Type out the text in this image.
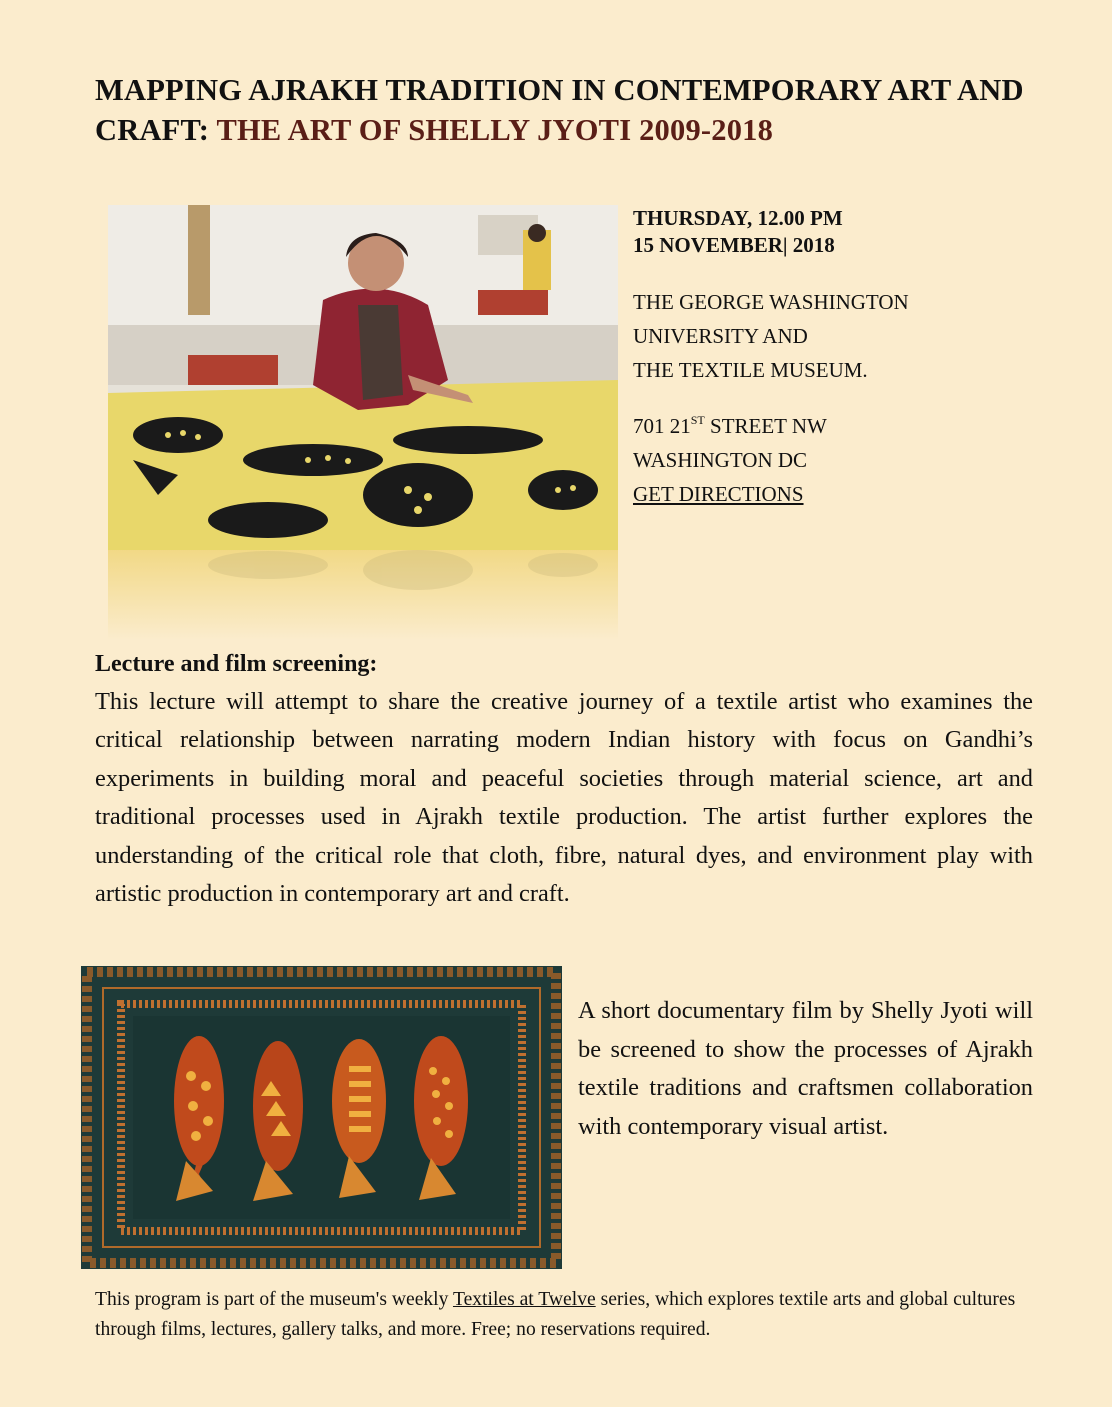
MAPPING AJRAKH TRADITION IN CONTEMPORARY ART AND CRAFT: THE ART OF SHELLY JYOTI 2009-2018
THURSDAY, 12.00 PM
15 NOVEMBER| 2018
THE GEORGE WASHINGTON
UNIVERSITY AND
THE TEXTILE MUSEUM.
701 21ST STREET NW
WASHINGTON DC
GET DIRECTIONS
Lecture and film screening:
This lecture will attempt to share the creative journey of a textile artist who examines the critical relationship between narrating modern Indian history with focus on Gandhi’s experiments in building moral and peaceful societies through material science, art and traditional processes used in Ajrakh textile production. The artist further explores the understanding of the critical role that cloth, fibre, natural dyes, and environment play with artistic production in contemporary art and craft.
A short documentary film by Shelly Jyoti will be screened to show the processes of Ajrakh textile traditions and craftsmen collaboration with contemporary visual artist.
This program is part of the museum's weekly Textiles at Twelve series, which explores textile arts and global cultures through films, lectures, gallery talks, and more. Free; no reservations required.
